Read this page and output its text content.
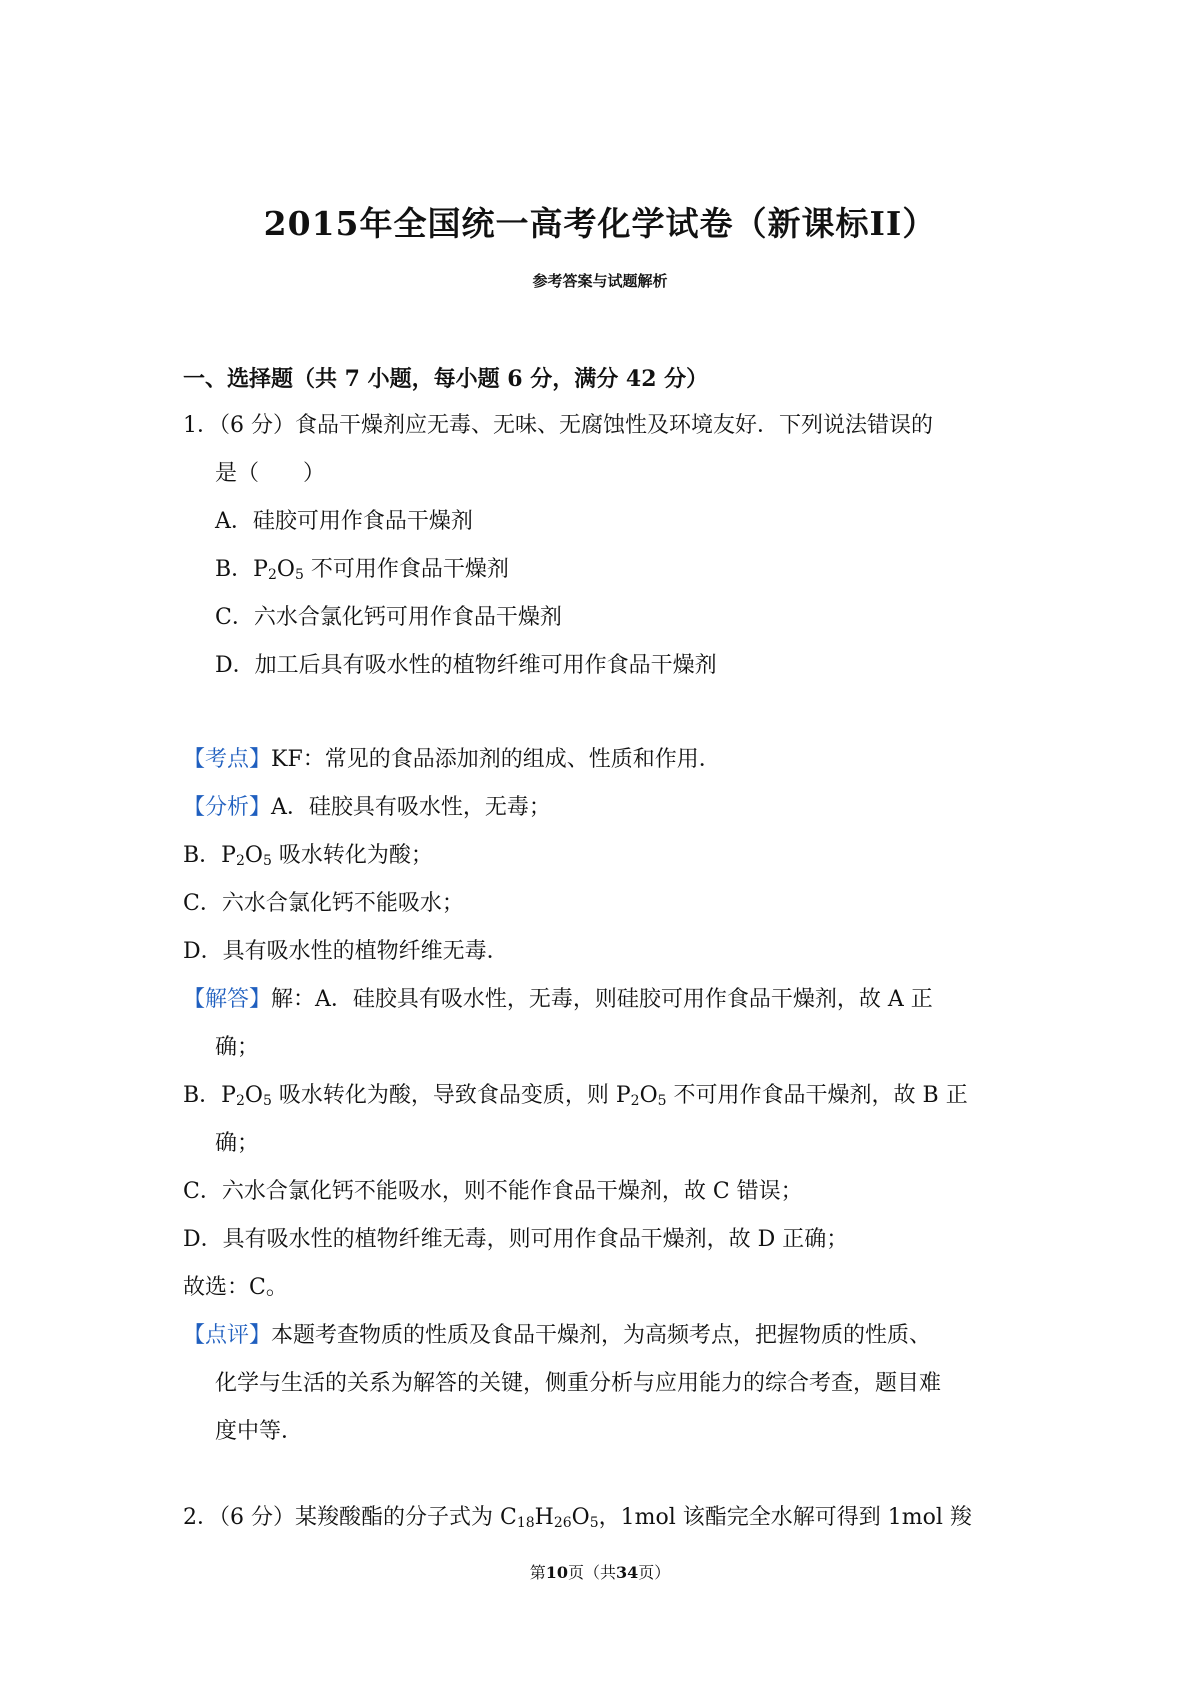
2015年全国统一高考化学试卷（新课标II）
参考答案与试题解析
一、选择题（共 7 小题，每小题 6 分，满分 42 分）
1．（6 分）食品干燥剂应无毒、无味、无腐蚀性及环境友好．下列说法错误的
是（　　）
A．硅胶可用作食品干燥剂
B．$P_2O_5$ 不可用作食品干燥剂
C．六水合氯化钙可用作食品干燥剂
D．加工后具有吸水性的植物纤维可用作食品干燥剂
【考点】KF：常见的食品添加剂的组成、性质和作用．
【分析】A．硅胶具有吸水性，无毒；
B．$P_2O_5$ 吸水转化为酸；
C．六水合氯化钙不能吸水；
D．具有吸水性的植物纤维无毒．
【解答】解：A．硅胶具有吸水性，无毒，则硅胶可用作食品干燥剂，故 A 正
确；
B．$P_2O_5$ 吸水转化为酸，导致食品变质，则 $P_2O_5$ 不可用作食品干燥剂，故 B 正
确；
C．六水合氯化钙不能吸水，则不能作食品干燥剂，故 C 错误；
D．具有吸水性的植物纤维无毒，则可用作食品干燥剂，故 D 正确；
故选：C。
【点评】本题考查物质的性质及食品干燥剂，为高频考点，把握物质的性质、
化学与生活的关系为解答的关键，侧重分析与应用能力的综合考查，题目难
度中等．
2．（6 分）某羧酸酯的分子式为 $C_{18}H_{26}O_5$，1mol 该酯完全水解可得到 1mol 羧
第10页（共34页）
